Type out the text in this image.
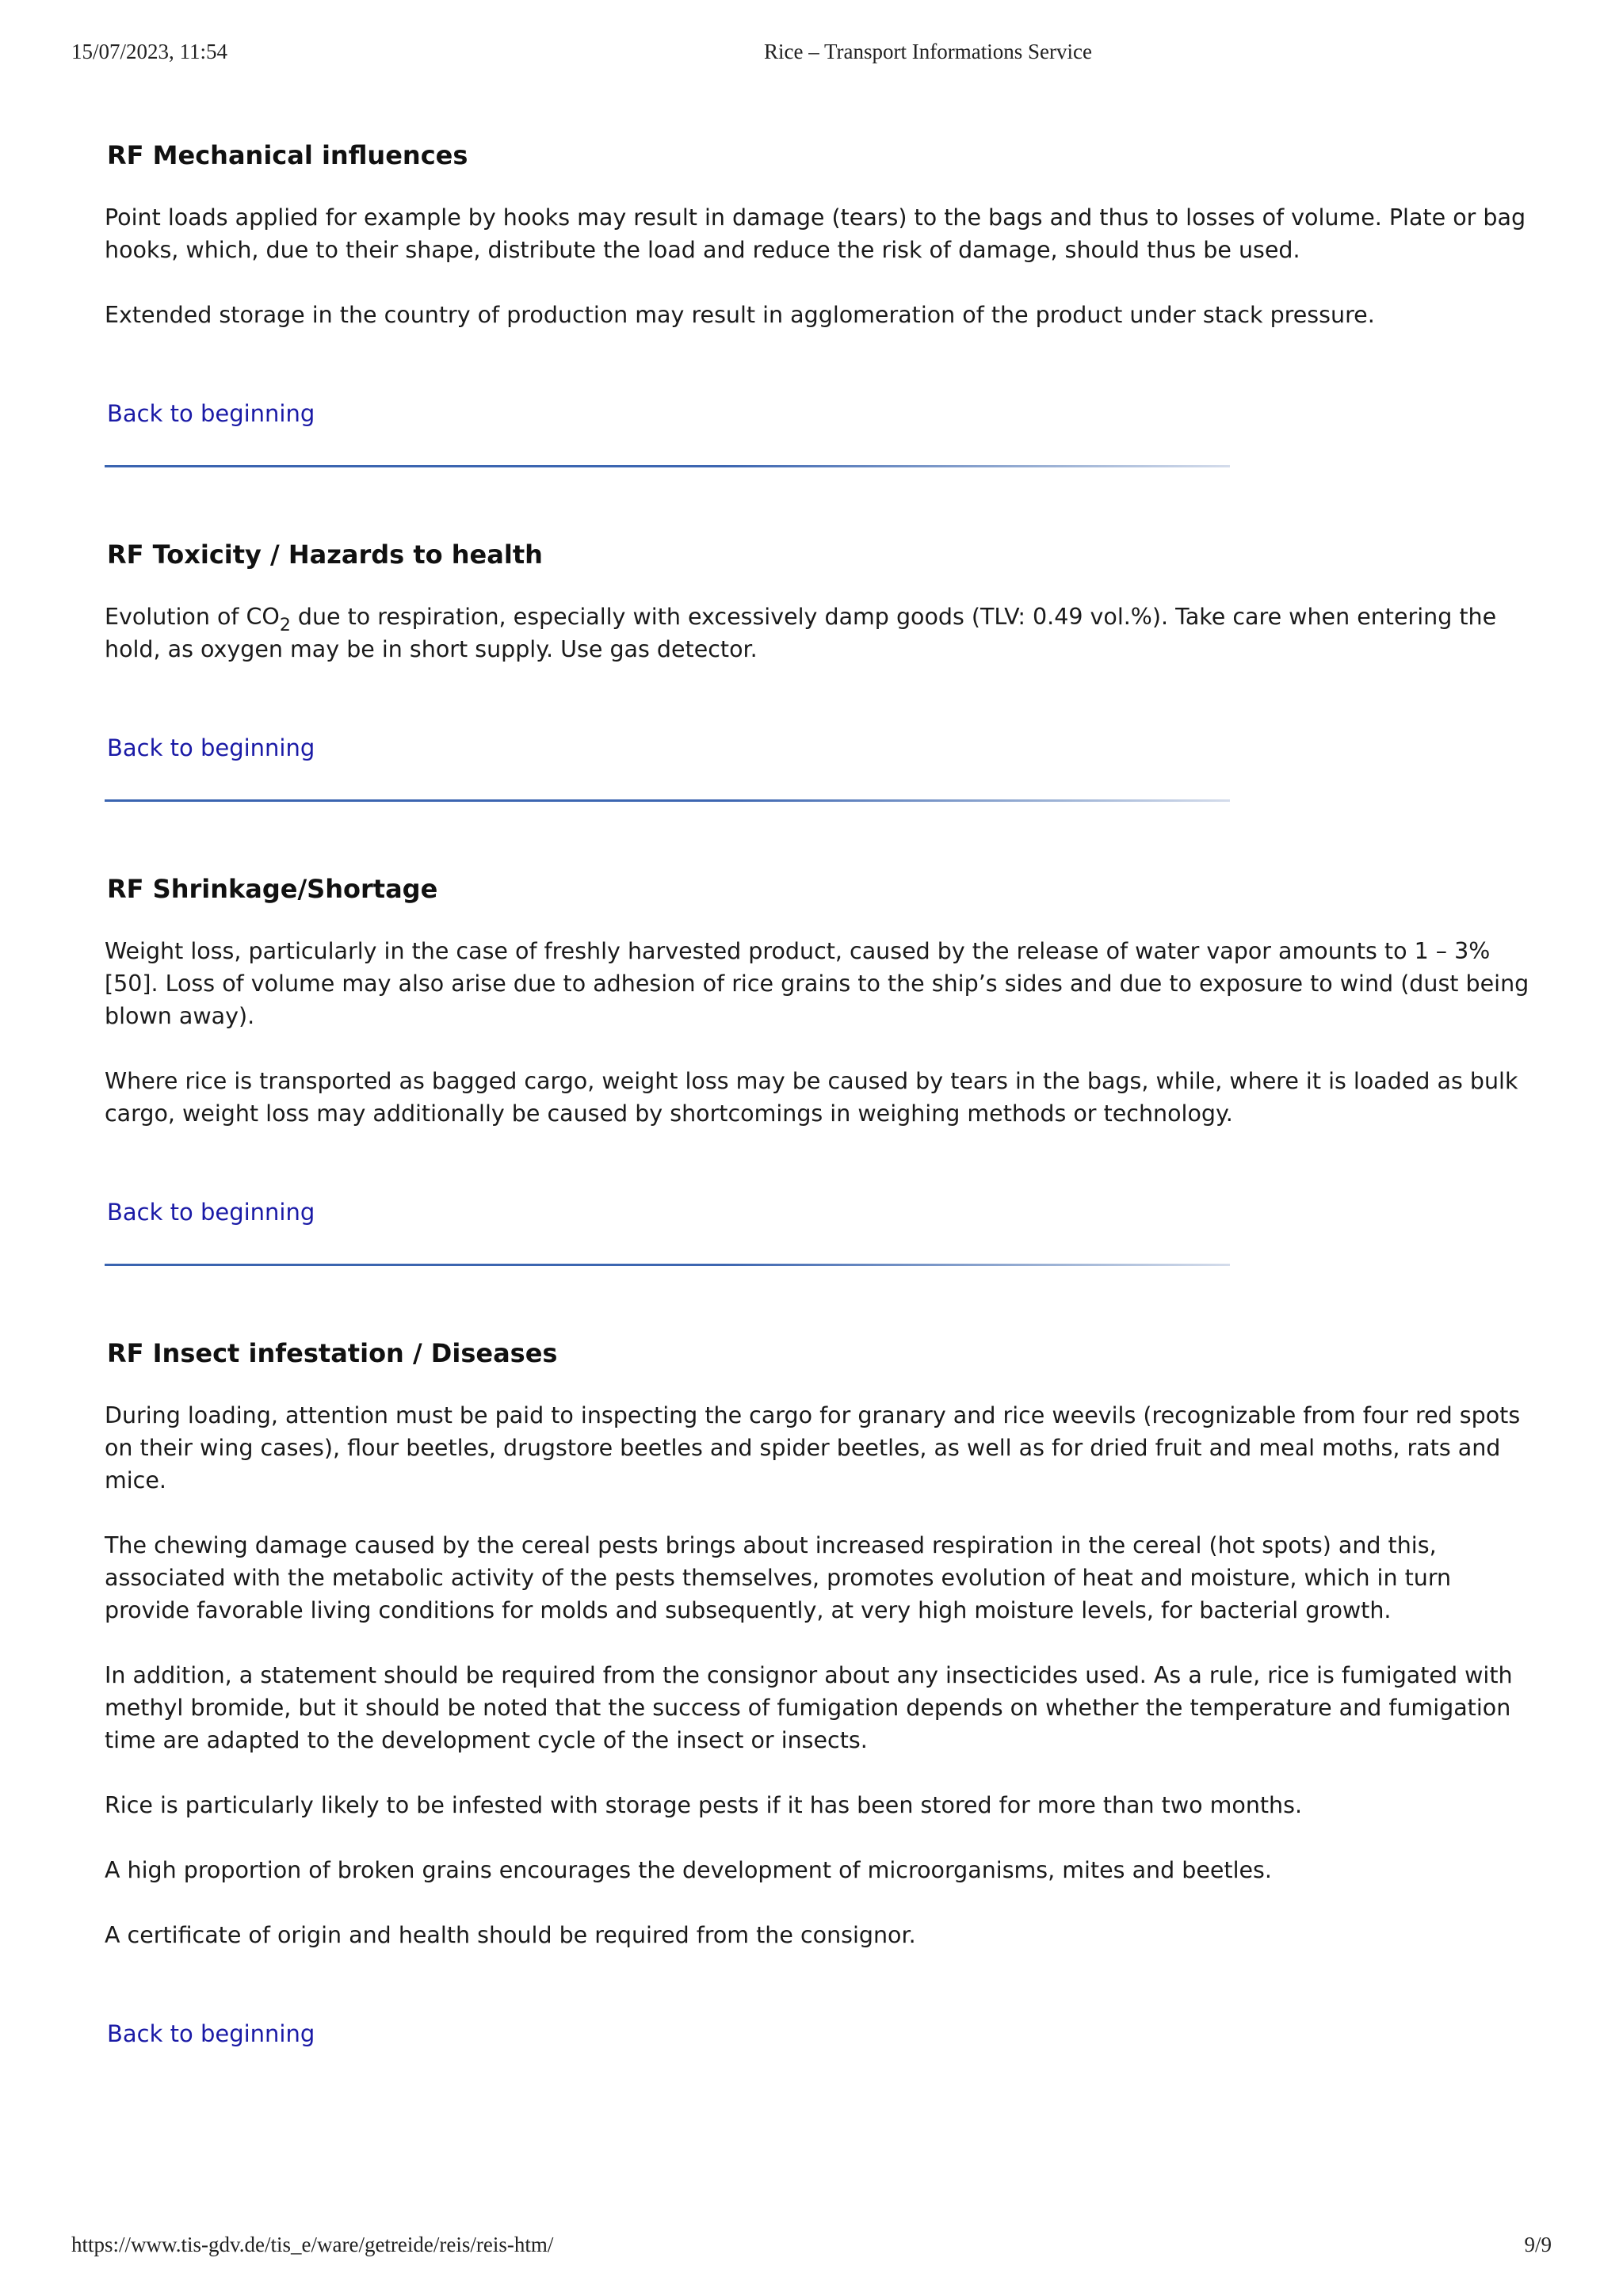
15/07/2023, 11:54	Rice – Transport Informations Service
RF Mechanical influences

Point loads applied for example by hooks may result in damage (tears) to the bags and thus to losses of volume. Plate or bag hooks, which, due to their shape, distribute the load and reduce the risk of damage, should thus be used.

Extended storage in the country of production may result in agglomeration of the product under stack pressure.

Back to beginning
RF Toxicity / Hazards to health

Evolution of $CO_2$ due to respiration, especially with excessively damp goods (TLV: 0.49 vol.%). Take care when entering the hold, as oxygen may be in short supply. Use gas detector.

Back to beginning
RF Shrinkage/Shortage

Weight loss, particularly in the case of freshly harvested product, caused by the release of water vapor amounts to 1 – 3% [50]. Loss of volume may also arise due to adhesion of rice grains to the ship’s sides and due to exposure to wind (dust being blown away).

Where rice is transported as bagged cargo, weight loss may be caused by tears in the bags, while, where it is loaded as bulk cargo, weight loss may additionally be caused by shortcomings in weighing methods or technology.

Back to beginning
RF Insect infestation / Diseases

During loading, attention must be paid to inspecting the cargo for granary and rice weevils (recognizable from four red spots on their wing cases), flour beetles, drugstore beetles and spider beetles, as well as for dried fruit and meal moths, rats and mice.

The chewing damage caused by the cereal pests brings about increased respiration in the cereal (hot spots) and this, associated with the metabolic activity of the pests themselves, promotes evolution of heat and moisture, which in turn provide favorable living conditions for molds and subsequently, at very high moisture levels, for bacterial growth.

In addition, a statement should be required from the consignor about any insecticides used. As a rule, rice is fumigated with methyl bromide, but it should be noted that the success of fumigation depends on whether the temperature and fumigation time are adapted to the development cycle of the insect or insects.

Rice is particularly likely to be infested with storage pests if it has been stored for more than two months.

A high proportion of broken grains encourages the development of microorganisms, mites and beetles.

A certificate of origin and health should be required from the consignor.

Back to beginning
https://www.tis-gdv.de/tis_e/ware/getreide/reis/reis-htm/	9/9
